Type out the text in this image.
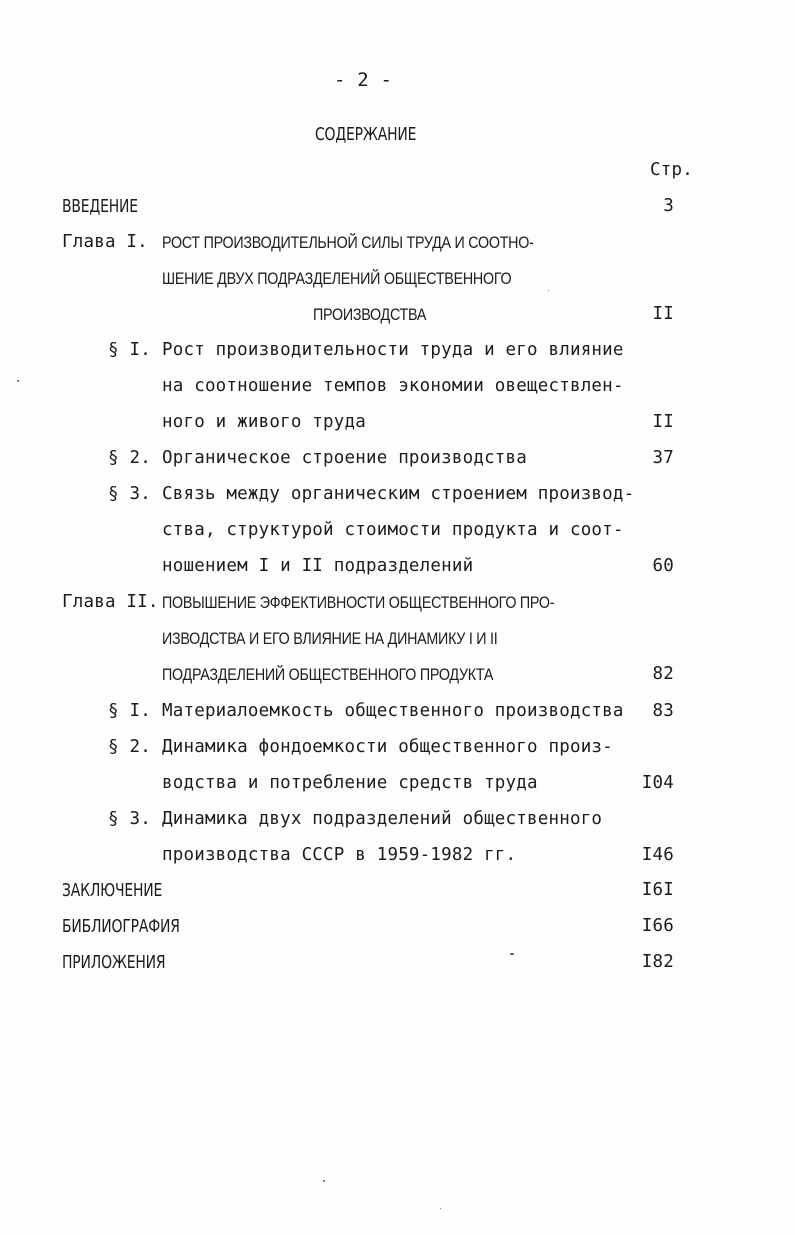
- 2 -
СОДЕРЖАНИЕ
Стр.
ВВЕДЕНИЕ	3
Глава I. РОСТ ПРОИЗВОДИТЕЛЬНОЙ СИЛЫ ТРУДА И СООТНО-
ШЕНИЕ ДВУХ ПОДРАЗДЕЛЕНИЙ ОБЩЕСТВЕННОГО
ПРОИЗВОДСТВА	II
§ I. Рост производительности труда и его влияние
на соотношение темпов экономии овеществлен-
ного и живого труда	II
§ 2. Органическое строение производства	37
§ 3. Связь между органическим строением производ-
ства, структурой стоимости продукта и соот-
ношением I и II подразделений	60
Глава II. ПОВЫШЕНИЕ ЭФФЕКТИВНОСТИ ОБЩЕСТВЕННОГО ПРО-
ИЗВОДСТВА И ЕГО ВЛИЯНИЕ НА ДИНАМИКУ I И II
ПОДРАЗДЕЛЕНИЙ ОБЩЕСТВЕННОГО ПРОДУКТА	82
§ I. Материалоемкость общественного производства	83
§ 2. Динамика фондоемкости общественного произ-
водства и потребление средств труда	I04
§ 3. Динамика двух подразделений общественного
производства СССР в 1959-1982 гг.	I46
ЗАКЛЮЧЕНИЕ	I6I
БИБЛИОГРАФИЯ	I66
ПРИЛОЖЕНИЯ	I82
